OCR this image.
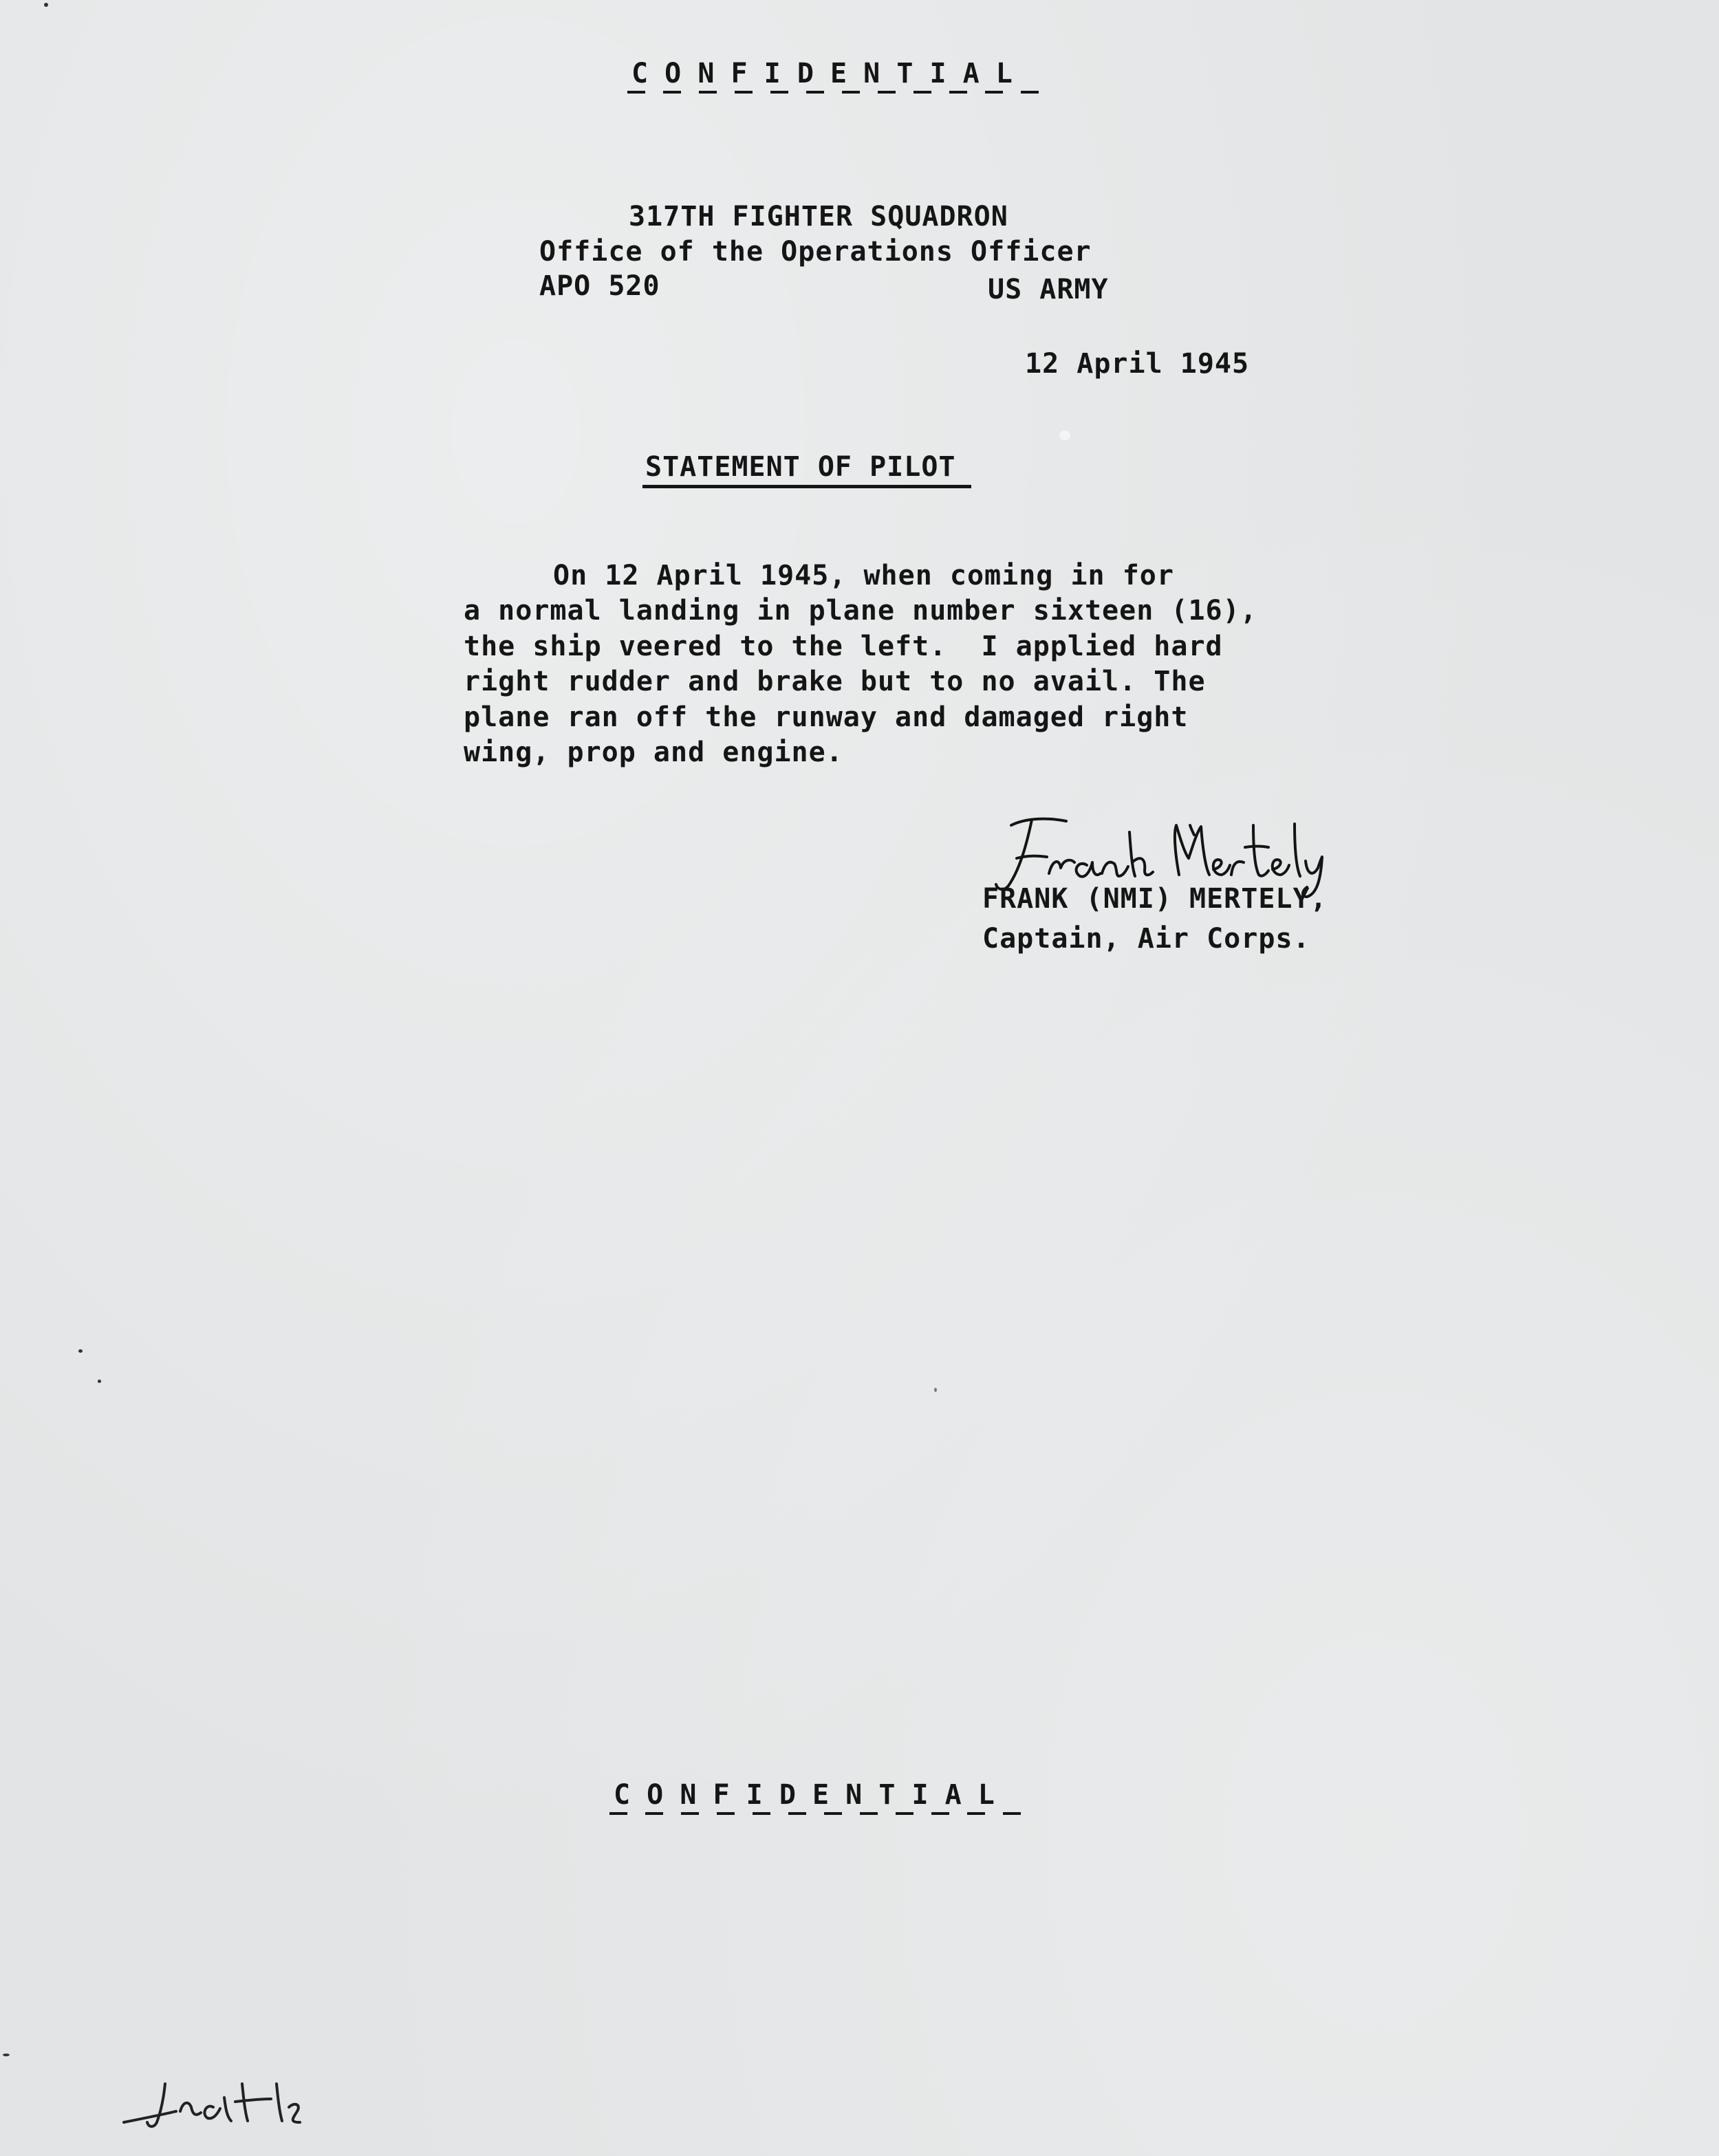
C O N F I D E N T I A L
317TH FIGHTER SQUADRON
Office of the Operations Officer
APO 520	US ARMY
12 April 1945
STATEMENT OF PILOT
On 12 April 1945, when coming in for
a normal landing in plane number sixteen (16),
the ship veered to the left.  I applied hard
right rudder and brake but to no avail. The
plane ran off the runway and damaged right
wing, prop and engine.
FRANK (NMI) MERTELY,
Captain, Air Corps.
C O N F I D E N T I A L
